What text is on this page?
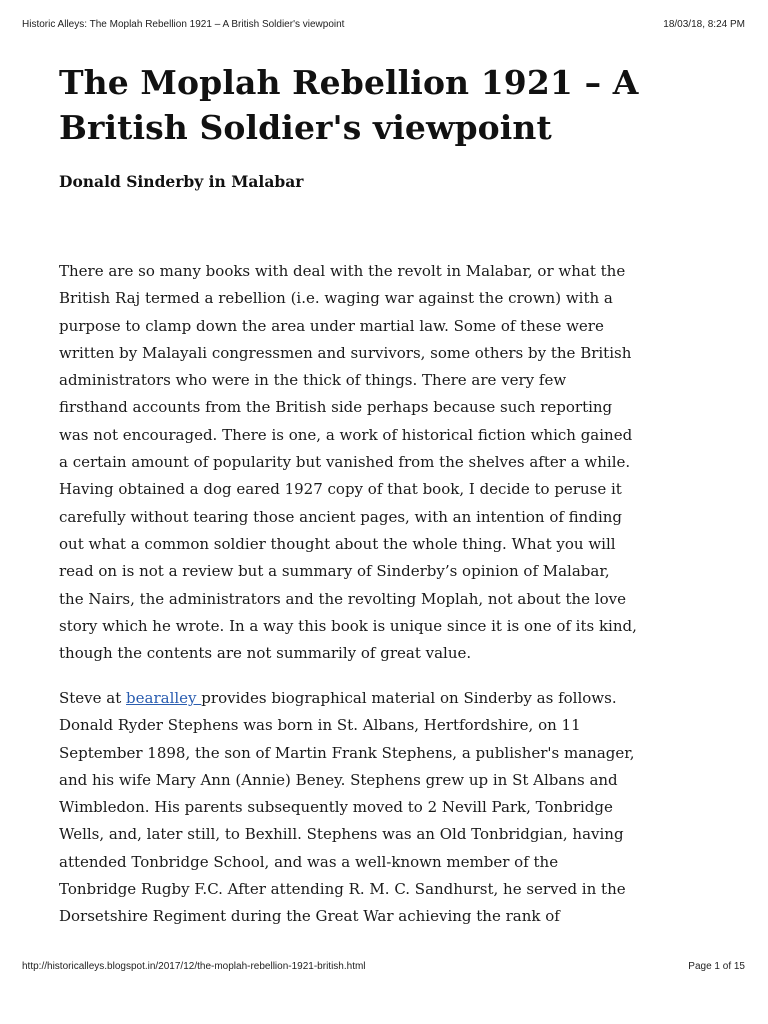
Historic Alleys: The Moplah Rebellion 1921 – A British Soldier's viewpoint	18/03/18, 8:24 PM
The Moplah Rebellion 1921 – A
British Soldier's viewpoint
Donald Sinderby in Malabar

There are so many books with deal with the revolt in Malabar, or what the
British Raj termed a rebellion (i.e. waging war against the crown) with a
purpose to clamp down the area under martial law. Some of these were
written by Malayali congressmen and survivors, some others by the British
administrators who were in the thick of things. There are very few
firsthand accounts from the British side perhaps because such reporting
was not encouraged. There is one, a work of historical fiction which gained
a certain amount of popularity but vanished from the shelves after a while.
Having obtained a dog eared 1927 copy of that book, I decide to peruse it
carefully without tearing those ancient pages, with an intention of finding
out what a common soldier thought about the whole thing. What you will
read on is not a review but a summary of Sinderby’s opinion of Malabar,
the Nairs, the administrators and the revolting Moplah, not about the love
story which he wrote. In a way this book is unique since it is one of its kind,
though the contents are not summarily of great value.

Steve at bearalley provides biographical material on Sinderby as follows.
Donald Ryder Stephens was born in St. Albans, Hertfordshire, on 11
September 1898, the son of Martin Frank Stephens, a publisher's manager,
and his wife Mary Ann (Annie) Beney. Stephens grew up in St Albans and
Wimbledon. His parents subsequently moved to 2 Nevill Park, Tonbridge
Wells, and, later still, to Bexhill. Stephens was an Old Tonbridgian, having
attended Tonbridge School, and was a well-known member of the
Tonbridge Rugby F.C. After attending R. M. C. Sandhurst, he served in the
Dorsetshire Regiment during the Great War achieving the rank of

http://historicalleys.blogspot.in/2017/12/the-moplah-rebellion-1921-british.html	Page 1 of 15
